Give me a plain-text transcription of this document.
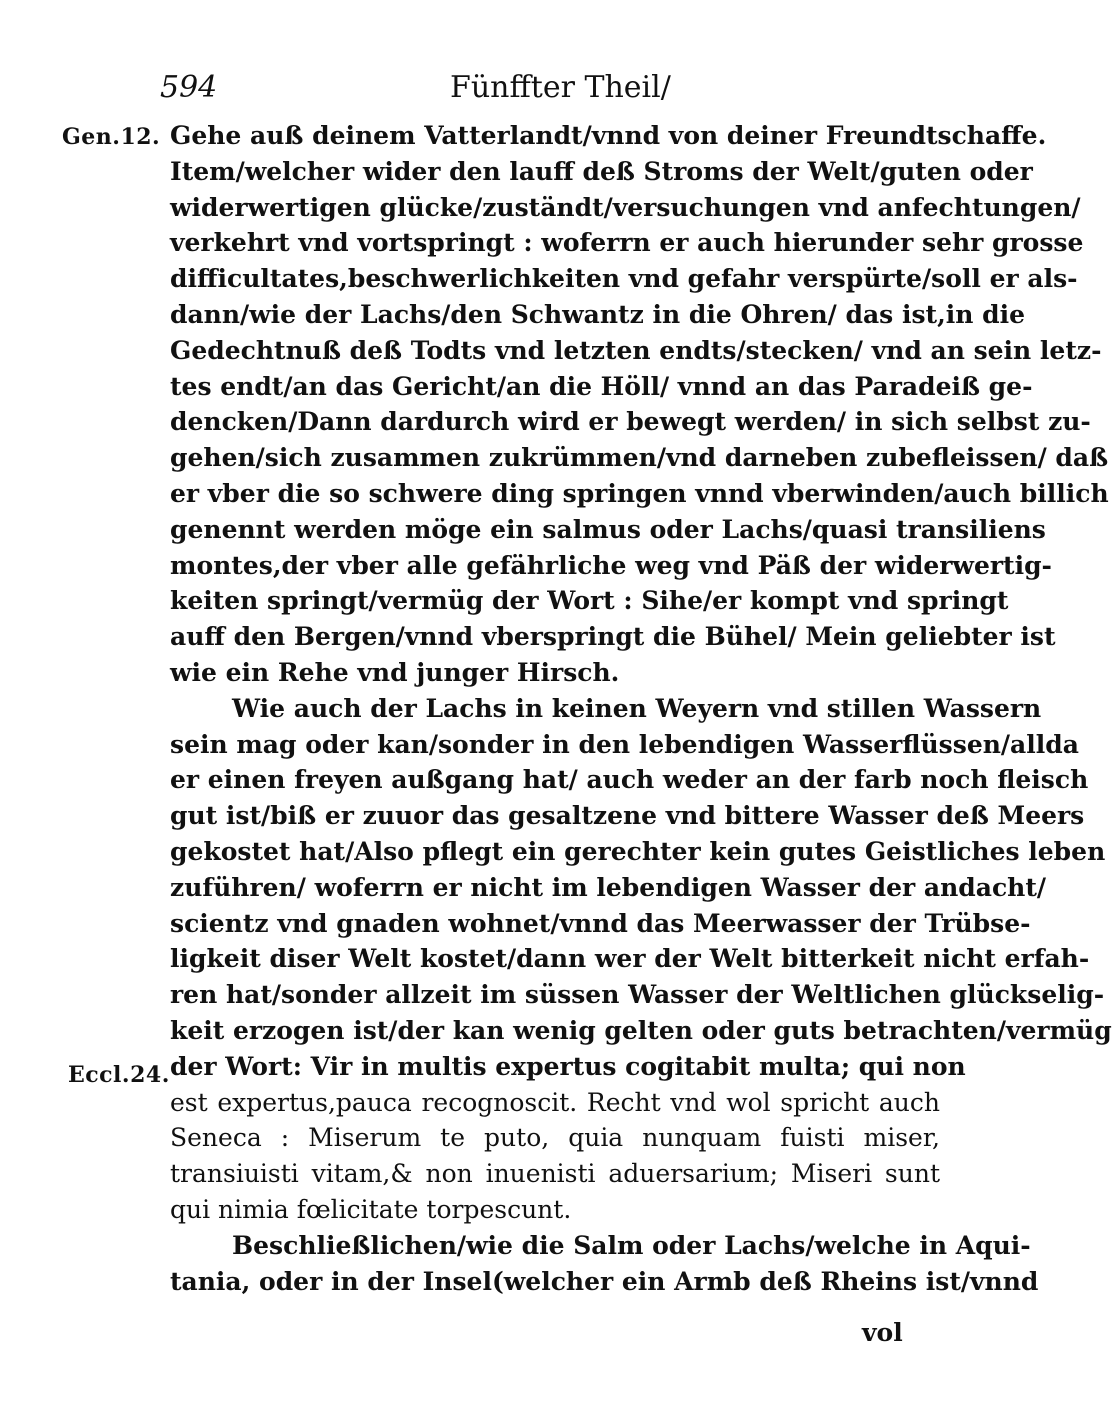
594	Fünffter Theil/
Gen.12.
Eccl.24.
Gehe auß deinem Vatterlandt/vnnd von deiner Freundtschaffe.
Item/welcher wider den lauff deß Stroms der Welt/guten oder
widerwertigen glücke/zuständt/versuchungen vnd anfechtungen/
verkehrt vnd vortspringt : woferrn er auch hierunder sehr grosse
difficultates,beschwerlichkeiten vnd gefahr verspürte/soll er als-
dann/wie der Lachs/den Schwantz in die Ohren/ das ist,in die
Gedechtnuß deß Todts vnd letzten endts/stecken/ vnd an sein letz-
tes endt/an das Gericht/an die Höll/ vnnd an das Paradeiß ge-
dencken/Dann dardurch wird er bewegt werden/ in sich selbst zu-
gehen/sich zusammen zukrümmen/vnd darneben zubefleissen/ daß
er vber die so schwere ding springen vnnd vberwinden/auch billich
genennt werden möge ein salmus oder Lachs/quasi transiliens
montes,der vber alle gefährliche weg vnd Päß der widerwertig-
keiten springt/vermüg der Wort : Sihe/er kompt vnd springt
auff den Bergen/vnnd vberspringt die Bühel/ Mein geliebter ist
wie ein Rehe vnd junger Hirsch.
Wie auch der Lachs in keinen Weyern vnd stillen Wassern
sein mag oder kan/sonder in den lebendigen Wasserflüssen/allda
er einen freyen außgang hat/ auch weder an der farb noch fleisch
gut ist/biß er zuuor das gesaltzene vnd bittere Wasser deß Meers
gekostet hat/Also pflegt ein gerechter kein gutes Geistliches leben
zuführen/ woferrn er nicht im lebendigen Wasser der andacht/
scientz vnd gnaden wohnet/vnnd das Meerwasser der Trübse-
ligkeit diser Welt kostet/dann wer der Welt bitterkeit nicht erfah-
ren hat/sonder allzeit im süssen Wasser der Weltlichen glückselig-
keit erzogen ist/der kan wenig gelten oder guts betrachten/vermüg
der Wort: Vir in multis expertus cogitabit multa; qui non
est expertus,pauca recognoscit. Recht vnd wol spricht auch
Seneca : Miserum te puto, quia nunquam fuisti miser,
transiuisti vitam,& non inuenisti aduersarium; Miseri sunt
qui nimia fœlicitate torpescunt.
Beschließlichen/wie die Salm oder Lachs/welche in Aqui-
tania, oder in der Insel(welcher ein Armb deß Rheins ist/vnnd
vol
